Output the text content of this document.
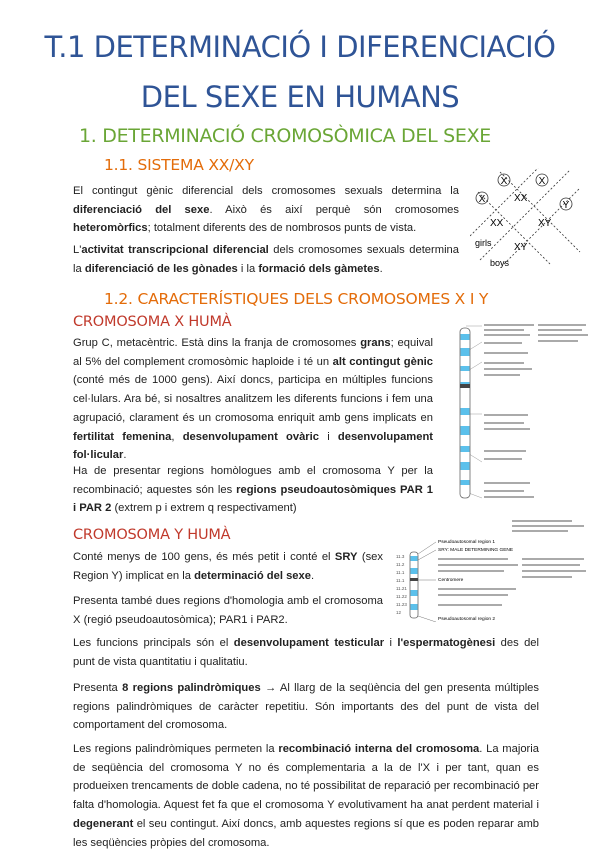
T.1 DETERMINACIÓ I DIFERENCIACIÓ
DEL SEXE EN HUMANS
1. DETERMINACIÓ CROMOSÒMICA DEL SEXE
1.1. SISTEMA XX/XY

El contingut gènic diferencial dels cromosomes sexuals determina la diferenciació del sexe. Això és així perquè són cromosomes heteromòrfics; totalment diferents des de nombrosos punts de vista.

L'activitat transcripcional diferencial dels cromosomes sexuals determina la diferenciació de les gònades i la formació dels gàmetes.

X
X
X
Y
XX
XX	XY
XY
girls
boys
1.2. CARACTERÍSTIQUES DELS CROMOSOMES X I Y
CROMOSOMA X HUMÀ

Grup C, metacèntric. Està dins la franja de cromosomes grans; equival al 5% del complement cromosòmic haploide i té un alt contingut gènic (conté més de 1000 gens). Així doncs, participa en múltiples funcions cel·lulars. Ara bé, si nosaltres analitzem les diferents funcions i fem una agrupació, clarament és un cromosoma enriquit amb gens implicats en fertilitat femenina, desenvolupament ovàric i desenvolupament fol·licular.

Ha de presentar regions homòlogues amb el cromosoma Y per la recombinació; aquestes són les regions pseudoautosòmiques PAR 1 i PAR 2 (extrem p i extrem q respectivament)

CROMOSOMA Y HUMÀ

Conté menys de 100 gens, és més petit i conté el SRY (sex Region Y) implicat en la determinació del sexe.

Presenta també dues regions d'homologia amb el cromosoma X (regió pseudoautosòmica); PAR1 i PAR2.

11.3
11.2
11.1
11.1
11.21
11.22
11.23
12
Pseudoautosomal region 1
SRY: MALE DETERMINING GENE
Centromere
Pseudoautosomal region 2

Les funcions principals són el desenvolupament testicular i l'espermatogènesi des del punt de vista quantitatiu i qualitatiu.

Presenta 8 regions palindròmiques → Al llarg de la seqüència del gen presenta múltiples regions palindròmiques de caràcter repetitiu. Són importants des del punt de vista del comportament del cromosoma.

Les regions palindròmiques permeten la recombinació interna del cromosoma. La majoria de seqüència del cromosoma Y no és complementaria a la de l'X i per tant, quan es produeixen trencaments de doble cadena, no té possibilitat de reparació per recombinació per falta d'homologia. Aquest fet fa que el cromosoma Y evolutivament ha anat perdent material i degenerant el seu contingut. Així doncs, amb aquestes regions sí que es poden reparar amb les seqüències pròpies del cromosoma.
